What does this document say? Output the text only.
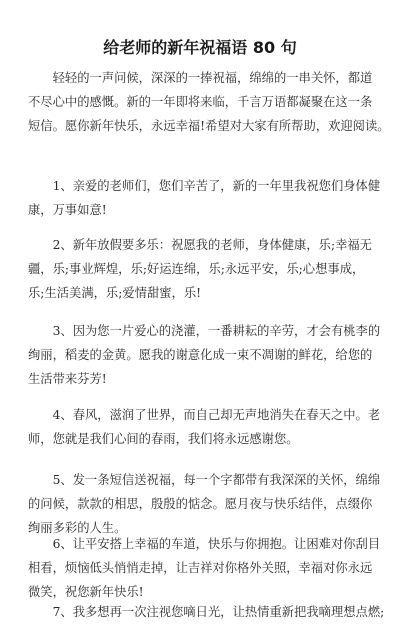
给老师的新年祝福语 80 句

轻轻的一声问候，深深的一捧祝福，绵绵的一串关怀，都道
不尽心中的感慨。新的一年即将来临，千言万语都凝聚在这一条
短信。愿你新年快乐，永远幸福!希望对大家有所帮助，欢迎阅读。

1、亲爱的老师们，您们辛苦了，新的一年里我祝您们身体健
康，万事如意!

2、新年放假要多乐：祝愿我的老师，身体健康，乐;幸福无
疆，乐;事业辉煌，乐;好运连绵，乐;永远平安，乐;心想事成，
乐;生活美满，乐;爱情甜蜜，乐!

3、因为您一片爱心的浇灌，一番耕耘的辛劳，才会有桃李的
绚丽，稻麦的金黄。愿我的谢意化成一束不凋谢的鲜花，给您的
生活带来芬芳!

4、春风，滋润了世界，而自己却无声地消失在春天之中。老
师，您就是我们心间的春雨，我们将永远感谢您。

5、发一条短信送祝福，每一个字都带有我深深的关怀，绵绵
的问候，款款的相思，殷殷的惦念。愿月夜与快乐结伴，点缀你
绚丽多彩的人生。

6、让平安搭上幸福的车道，快乐与你拥抱。让困难对你刮目
相看，烦恼低头悄悄走掉，让吉祥对你格外关照，幸福对你永远
微笑，祝您新年快乐!

7、我多想再一次注视您嘀日光，让热情重新把我嘀理想点燃;
